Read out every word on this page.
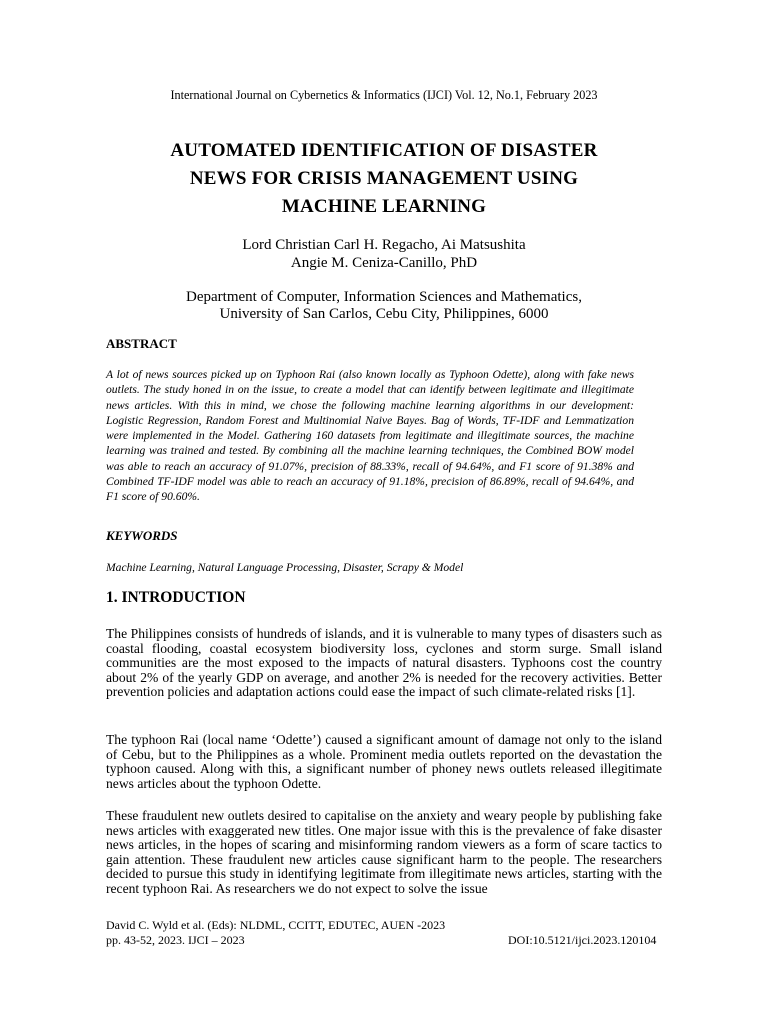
International Journal on Cybernetics & Informatics (IJCI) Vol. 12, No.1, February 2023
AUTOMATED IDENTIFICATION OF DISASTER
NEWS FOR CRISIS MANAGEMENT USING
MACHINE LEARNING
Lord Christian Carl H. Regacho, Ai Matsushita
Angie M. Ceniza-Canillo, PhD
Department of Computer, Information Sciences and Mathematics,
University of San Carlos, Cebu City, Philippines, 6000
ABSTRACT
A lot of news sources picked up on Typhoon Rai (also known locally as Typhoon Odette), along with fake news outlets. The study honed in on the issue, to create a model that can identify between legitimate and illegitimate news articles. With this in mind, we chose the following machine learning algorithms in our development: Logistic Regression, Random Forest and Multinomial Naive Bayes. Bag of Words, TF-IDF and Lemmatization were implemented in the Model. Gathering 160 datasets from legitimate and illegitimate sources, the machine learning was trained and tested. By combining all the machine learning techniques, the Combined BOW model was able to reach an accuracy of 91.07%, precision of 88.33%, recall of 94.64%, and F1 score of 91.38% and Combined TF-IDF model was able to reach an accuracy of 91.18%, precision of 86.89%, recall of 94.64%, and F1 score of 90.60%.
KEYWORDS
Machine Learning, Natural Language Processing, Disaster, Scrapy & Model
1. INTRODUCTION
The Philippines consists of hundreds of islands, and it is vulnerable to many types of disasters such as coastal flooding, coastal ecosystem biodiversity loss, cyclones and storm surge. Small island communities are the most exposed to the impacts of natural disasters. Typhoons cost the country about 2% of the yearly GDP on average, and another 2% is needed for the recovery activities. Better prevention policies and adaptation actions could ease the impact of such climate-related risks [1].
The typhoon Rai (local name ‘Odette’) caused a significant amount of damage not only to the island of Cebu, but to the Philippines as a whole. Prominent media outlets reported on the devastation the typhoon caused. Along with this, a significant number of phoney news outlets released illegitimate news articles about the typhoon Odette.
These fraudulent new outlets desired to capitalise on the anxiety and weary people by publishing fake news articles with exaggerated new titles. One major issue with this is the prevalence of fake disaster news articles, in the hopes of scaring and misinforming random viewers as a form of scare tactics to gain attention. These fraudulent new articles cause significant harm to the people. The researchers decided to pursue this study in identifying legitimate from illegitimate news articles, starting with the recent typhoon Rai. As researchers we do not expect to solve the issue
David C. Wyld et al. (Eds): NLDML, CCITT, EDUTEC, AUEN -2023
pp. 43-52, 2023. IJCI – 2023	DOI:10.5121/ijci.2023.120104
